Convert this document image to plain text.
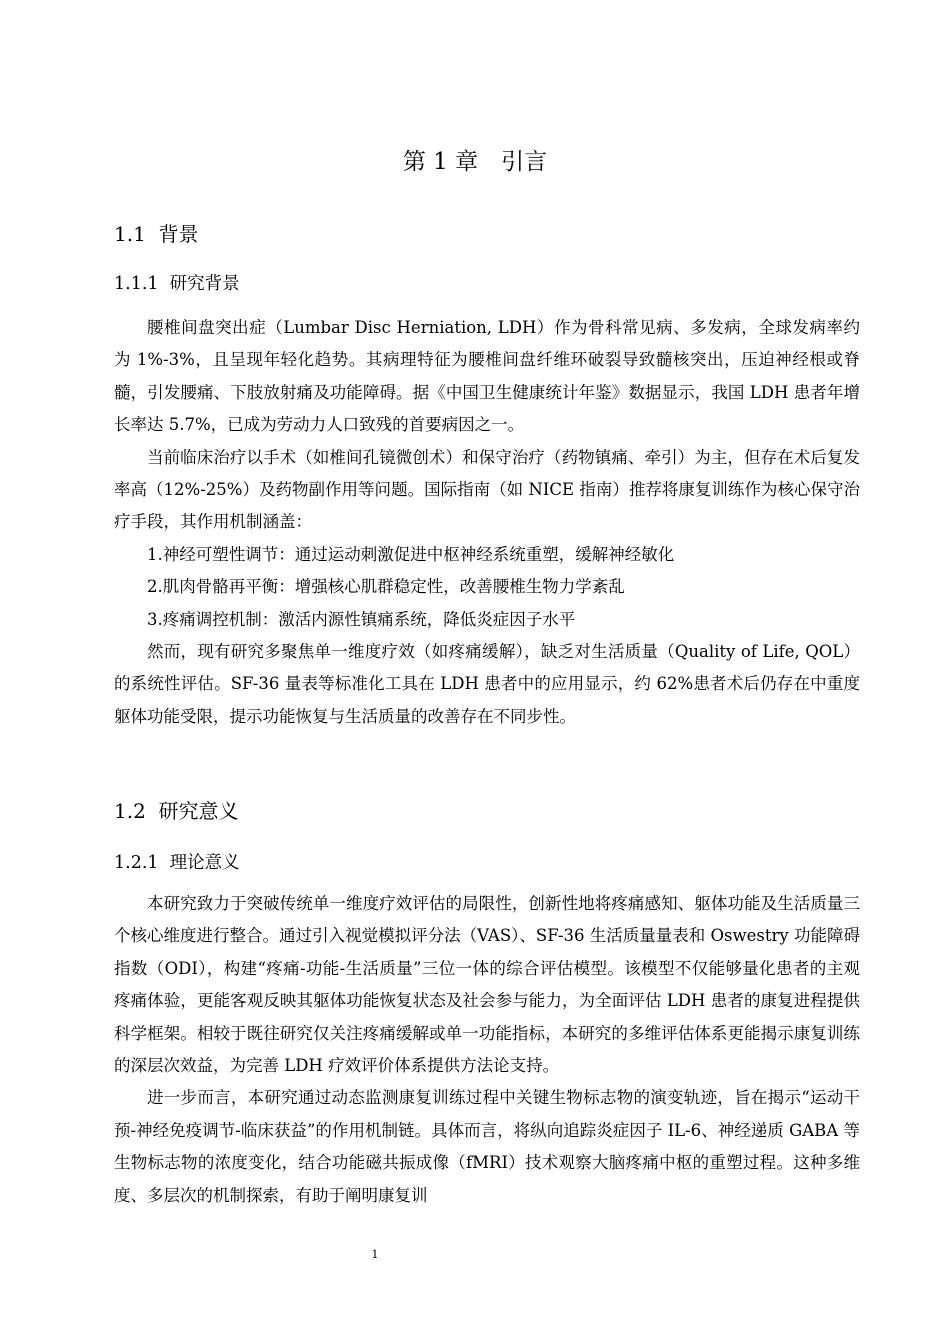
第 1 章　引言
1.1  背景
1.1.1  研究背景

腰椎间盘突出症（Lumbar Disc Herniation, LDH）作为骨科常见病、多发病，全球发病率约为 1%-3%，且呈现年轻化趋势。其病理特征为腰椎间盘纤维环破裂导致髓核突出，压迫神经根或脊髓，引发腰痛、下肢放射痛及功能障碍。据《中国卫生健康统计年鉴》数据显示，我国 LDH 患者年增长率达 5.7%，已成为劳动力人口致残的首要病因之一。

当前临床治疗以手术（如椎间孔镜微创术）和保守治疗（药物镇痛、牵引）为主，但存在术后复发率高（12%-25%）及药物副作用等问题。国际指南（如 NICE 指南）推荐将康复训练作为核心保守治疗手段，其作用机制涵盖：

1.神经可塑性调节：通过运动刺激促进中枢神经系统重塑，缓解神经敏化

2.肌肉骨骼再平衡：增强核心肌群稳定性，改善腰椎生物力学紊乱

3.疼痛调控机制：激活内源性镇痛系统，降低炎症因子水平

然而，现有研究多聚焦单一维度疗效（如疼痛缓解），缺乏对生活质量（Quality of Life, QOL）的系统性评估。SF-36 量表等标准化工具在 LDH 患者中的应用显示，约 62%患者术后仍存在中重度躯体功能受限，提示功能恢复与生活质量的改善存在不同步性。

1.2  研究意义
1.2.1  理论意义

本研究致力于突破传统单一维度疗效评估的局限性，创新性地将疼痛感知、躯体功能及生活质量三个核心维度进行整合。通过引入视觉模拟评分法（VAS）、SF-36 生活质量量表和 Oswestry 功能障碍指数（ODI），构建“疼痛-功能-生活质量”三位一体的综合评估模型。该模型不仅能够量化患者的主观疼痛体验，更能客观反映其躯体功能恢复状态及社会参与能力，为全面评估 LDH 患者的康复进程提供科学框架。相较于既往研究仅关注疼痛缓解或单一功能指标，本研究的多维评估体系更能揭示康复训练的深层次效益，为完善 LDH 疗效评价体系提供方法论支持。

进一步而言，本研究通过动态监测康复训练过程中关键生物标志物的演变轨迹，旨在揭示“运动干预-神经免疫调节-临床获益”的作用机制链。具体而言，将纵向追踪炎症因子 IL-6、神经递质 GABA 等生物标志物的浓度变化，结合功能磁共振成像（fMRI）技术观察大脑疼痛中枢的重塑过程。这种多维度、多层次的机制探索，有助于阐明康复训

1
